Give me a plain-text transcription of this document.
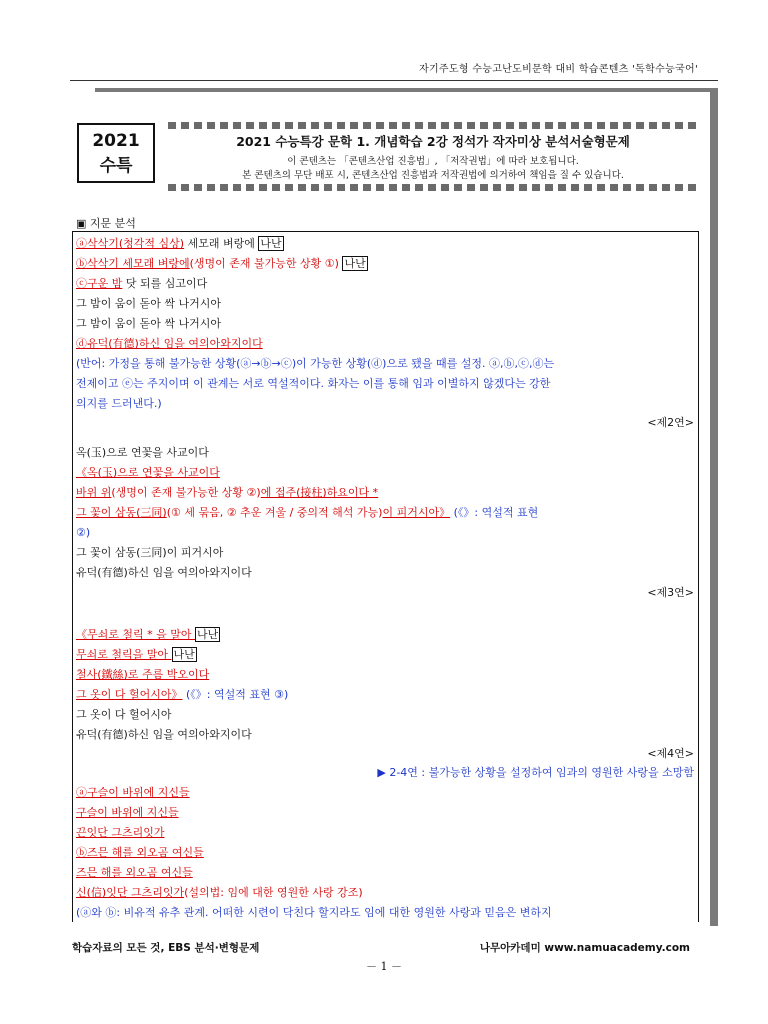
자기주도형 수능고난도비문학 대비 학습콘텐츠 '독학수능국어'
2021
수특
2021 수능특강 문학 1. 개념학습 2강 정석가 작자미상 분석서술형문제
이 콘텐츠는 「콘텐츠산업 진흥법」, 「저작권법」에 따라 보호됩니다.
본 콘텐츠의 무단 배포 시, 콘텐츠산업 진흥법과 저작권법에 의거하여 책임을 질 수 있습니다.
▣ 지문 분석
ⓐ삭삭기(청각적 심상) 세모래 벼랑에 나난
ⓑ삭삭기 세모래 벼랑에(생명이 존재 불가능한 상황 ①) 나난
ⓒ구운 밤 닷 되를 심고이다
그 밤이 움이 돋아 싹 나거시아
그 밤이 움이 돋아 싹 나거시아
ⓓ유덕(有德)하신 임을 여의아와지이다
(반어: 가정을 통해 불가능한 상황(ⓐ→ⓑ→ⓒ)이 가능한 상황(ⓓ)으로 됐을 때를 설정. ⓐ,ⓑ,ⓒ,ⓓ는
전제이고 ⓔ는 주지이며 이 관계는 서로 역설적이다. 화자는 이를 통해 임과 이별하지 않겠다는 강한
의지를 드러낸다.)
<제2연>
옥(玉)으로 연꽃을 사교이다
《옥(玉)으로 연꽃을 사교이다
바위 위(생명이 존재 불가능한 상황 ②)에 접주(接柱)하요이다 *
그 꽃이 삼동(三同)(① 세 묶음, ② 추운 겨울 / 중의적 해석 가능)이 피거시아》 (《》: 역설적 표현
②)
그 꽃이 삼동(三同)이 피거시아
유덕(有德)하신 임을 여의아와지이다
<제3연>
《무쇠로 철릭 * 을 말아 나난
무쇠로 철릭을 말아 나난
철사(鐵絲)로 주름 박오이다
그 옷이 다 헐어시아》 (《》: 역설적 표현 ③)
그 옷이 다 헐어시아
유덕(有德)하신 임을 여의아와지이다
<제4연>
▶ 2-4연 : 불가능한 상황을 설정하여 임과의 영원한 사랑을 소망함
ⓐ구슬이 바위에 지신들
구슬이 바위에 지신들
끈잇단 그츠리잇가
ⓑ즈믄 해를 외오곰 여신들
즈믄 해를 외오곰 여신들
신(信)잇단 그츠리잇가(설의법: 임에 대한 영원한 사랑 강조)
(ⓐ와 ⓑ: 비유적 유추 관계. 어떠한 시련이 닥친다 할지라도 임에 대한 영원한 사랑과 믿음은 변하지
학습자료의 모든 것, EBS 분석·변형문제	나무아카데미 www.namuacademy.com
－ 1 －
